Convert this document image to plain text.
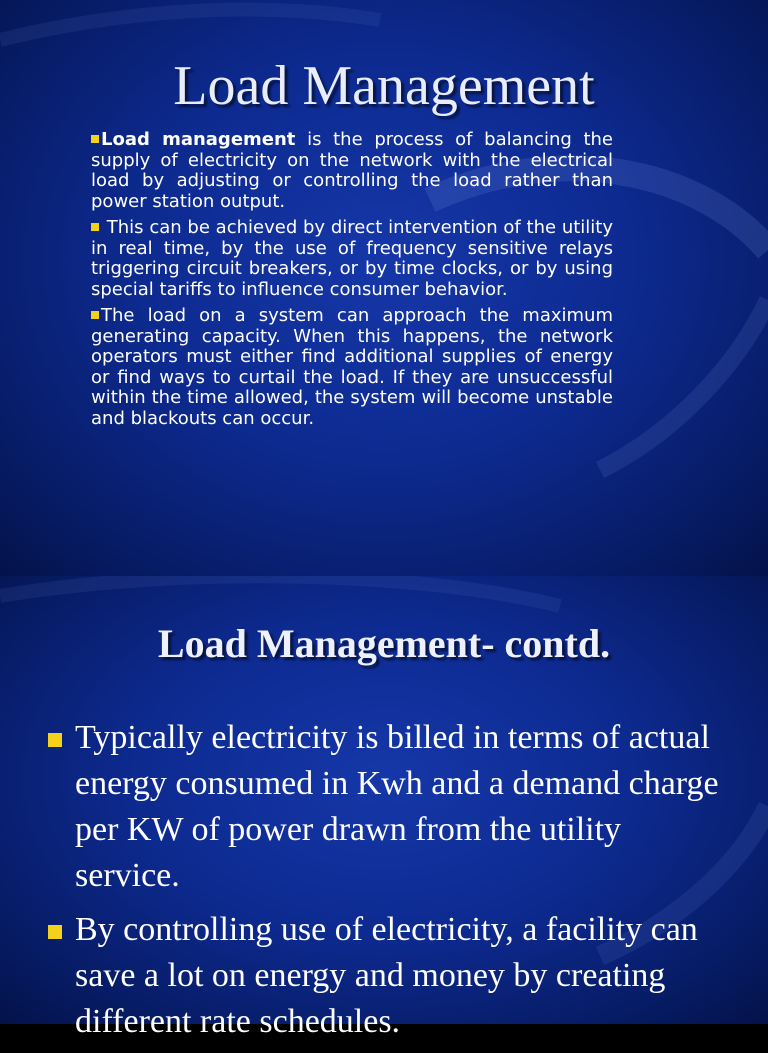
Load Management

Load management is the process of balancing the supply of electricity on the network with the electrical load by adjusting or controlling the load rather than power station output.

This can be achieved by direct intervention of the utility in real time, by the use of frequency sensitive relays triggering circuit breakers, or by time clocks, or by using special tariffs to influence consumer behavior.

The load on a system can approach the maximum generating capacity. When this happens, the network operators must either find additional supplies of energy or find ways to curtail the load. If they are unsuccessful within the time allowed, the system will become unstable and blackouts can occur.

Load Management- contd.
Typically electricity is billed in terms of actual energy consumed in Kwh and a demand charge per KW of power drawn from the utility service.
By controlling use of electricity, a facility can save a lot on energy and money by creating different rate schedules.
